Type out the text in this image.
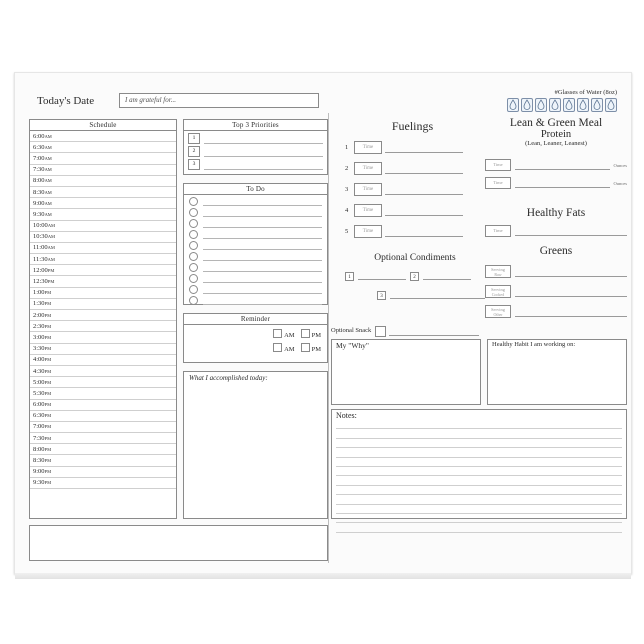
Today's Date	I am grateful for...
#Glasses of Water (8oz)
Schedule
6:00AM
6:30AM
7:00AM
7:30AM
8:00AM
8:30AM
9:00AM
9:30AM
10:00AM
10:30AM
11:00AM
11:30AM
12:00PM
12:30PM
1:00PM
1:30PM
2:00PM
2:30PM
3:00PM
3:30PM
4:00PM
4:30PM
5:00PM
5:30PM
6:00PM
6:30PM
7:00PM
7:30PM
8:00PM
8:30PM
9:00PM
9:30PM
Top 3 Priorities
1
2
3
To Do
Reminder
AM	PM
AM	PM
What I accomplished today:
Fuelings
1	Time
2	Time
3	Time
4	Time
5	Time
Optional Condiments
1	2
3
Optional Snack
My "Why"
Lean & Green Meal
Protein
(Lean, Leaner, Leanest)
Time	Ounces
Time	Ounces
Healthy Fats
Time
Greens
Serving
Raw
Serving
Cooked
Serving
Other
Healthy Habit I am working on:
Notes:
